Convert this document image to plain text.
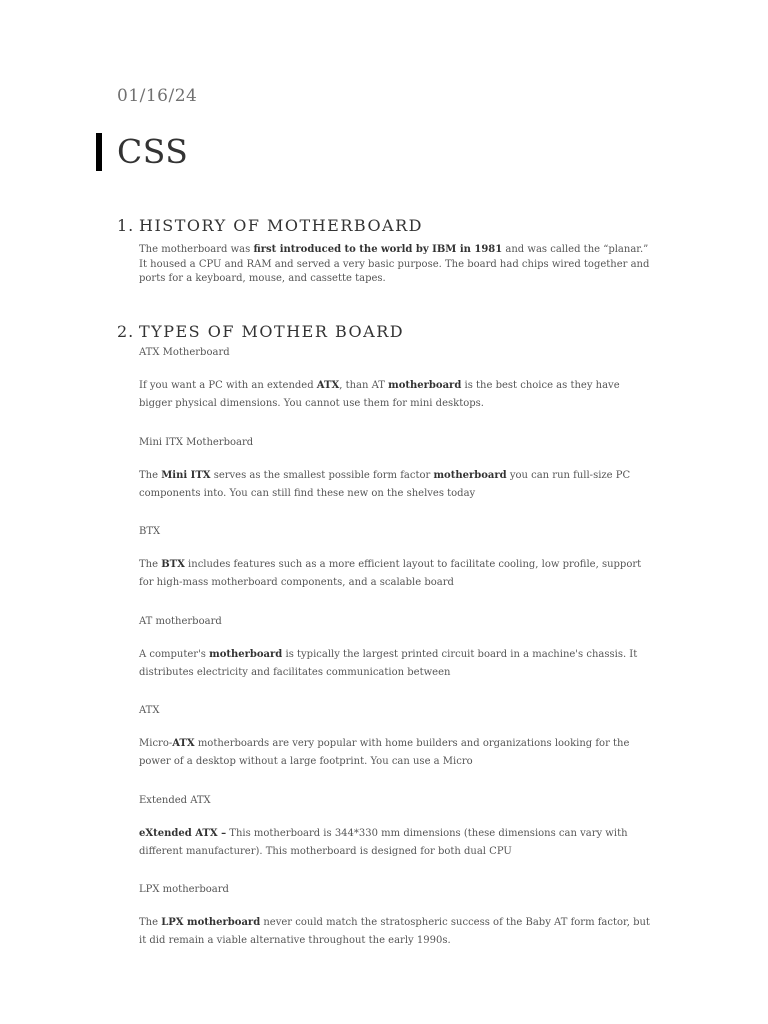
01/16/24
CSS
1. HISTORY OF MOTHERBOARD

The motherboard was first introduced to the world by IBM in 1981 and was called the “planar.” It housed a CPU and RAM and served a very basic purpose. The board had chips wired together and ports for a keyboard, mouse, and cassette tapes.

2. TYPES OF MOTHER BOARD
ATX Motherboard
If you want a PC with an extended ATX, than AT motherboard is the best choice as they have bigger physical dimensions. You cannot use them for mini desktops.
Mini ITX Motherboard
The Mini ITX serves as the smallest possible form factor motherboard you can run full-size PC components into. You can still find these new on the shelves today
BTX
The BTX includes features such as a more efficient layout to facilitate cooling, low profile, support for high-mass motherboard components, and a scalable board
AT motherboard
A computer's motherboard is typically the largest printed circuit board in a machine's chassis. It distributes electricity and facilitates communication between
ATX
Micro-ATX motherboards are very popular with home builders and organizations looking for the power of a desktop without a large footprint. You can use a Micro
Extended ATX
eXtended ATX – This motherboard is 344*330 mm dimensions (these dimensions can vary with different manufacturer). This motherboard is designed for both dual CPU
LPX motherboard
The LPX motherboard never could match the stratospheric success of the Baby AT form factor, but it did remain a viable alternative throughout the early 1990s.
